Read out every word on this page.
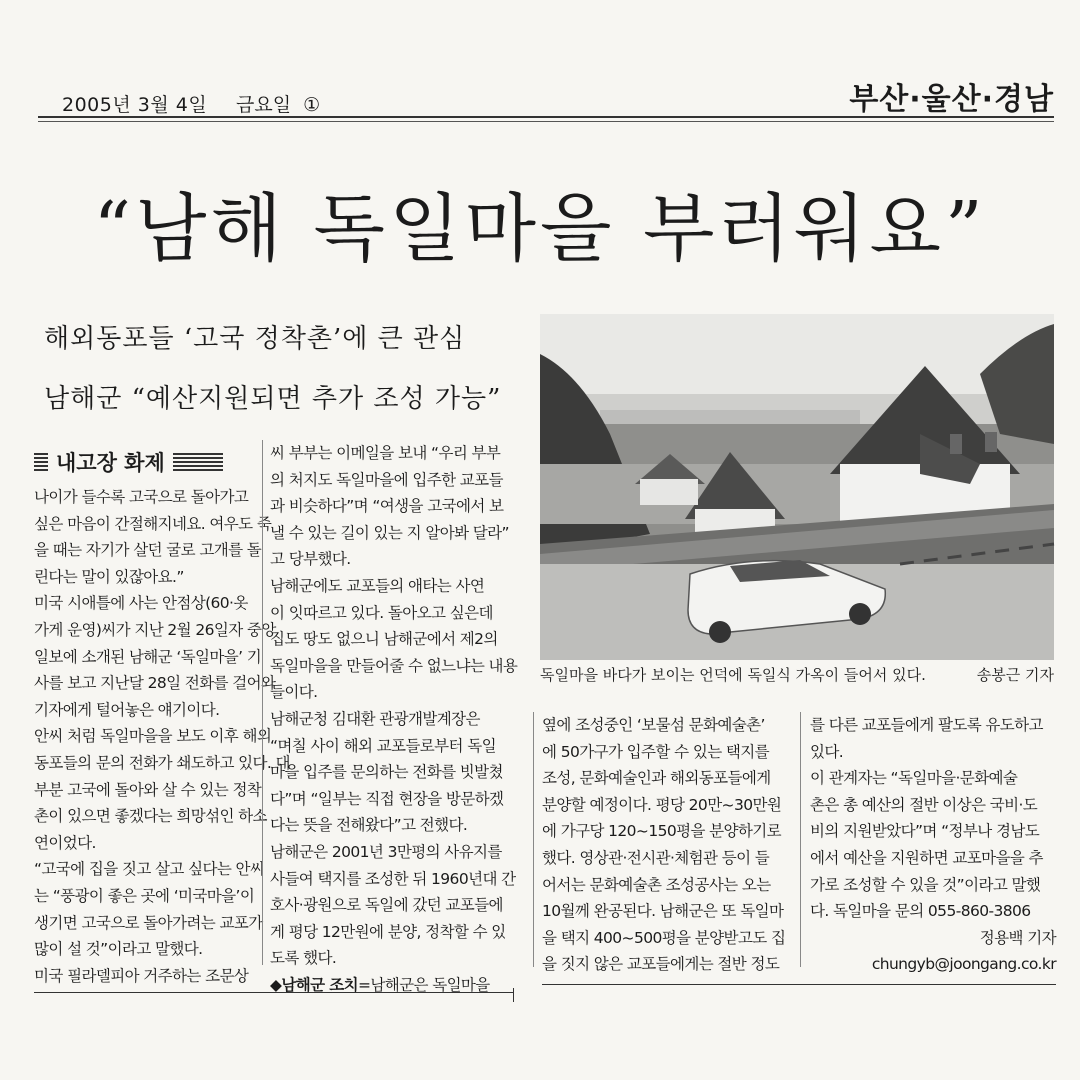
2005년 3월 4일 금요일  ①	부산·울산·경남
“남해 독일마을 부러워요”
해외동포들 ‘고국 정착촌’에 큰 관심
남해군 “예산지원되면 추가 조성 가능”
내고장 화제

나이가 들수록 고국으로 돌아가고

싶은 마음이 간절해지네요. 여우도 죽

을 때는 자기가 살던 굴로 고개를 돌

린다는 말이 있잖아요.”

미국 시애틀에 사는 안점상(60·옷

가게 운영)씨가 지난 2월 26일자 중앙

일보에 소개된 남해군 ‘독일마을’ 기

사를 보고 지난달 28일 전화를 걸어와

기자에게 털어놓은 얘기이다.

안씨 처럼 독일마을을 보도 이후 해외

동포들의 문의 전화가 쇄도하고 있다. 대

부분 고국에 돌아와 살 수 있는 정착

촌이 있으면 좋겠다는 희망섞인 하소

연이었다.

“고국에 집을 짓고 살고 싶다는 안씨

는 “풍광이 좋은 곳에 ‘미국마을’이

생기면 고국으로 돌아가려는 교포가

많이 설 것”이라고 말했다.

미국 필라델피아 거주하는 조문상

씨 부부는 이메일을 보내 “우리 부부

의 처지도 독일마을에 입주한 교포들

과 비슷하다”며 “여생을 고국에서 보

낼 수 있는 길이 있는 지 알아봐 달라”

고 당부했다.

남해군에도 교포들의 애타는 사연

이 잇따르고 있다. 돌아오고 싶은데

집도 땅도 없으니 남해군에서 제2의

독일마을을 만들어줄 수 없느냐는 내용

들이다.

남해군청 김대환 관광개발계장은

“며칠 사이 해외 교포들로부터 독일

마을 입주를 문의하는 전화를 빗발쳤

다”며 “일부는 직접 현장을 방문하겠

다는 뜻을 전해왔다”고 전했다.

남해군은 2001년 3만평의 사유지를

사들여 택지를 조성한 뒤 1960년대 간

호사·광원으로 독일에 갔던 교포들에

게 평당 12만원에 분양, 정착할 수 있

도록 했다.

◆남해군 조치=남해군은 독일마을

독일마을 바다가 보이는 언덕에 독일식 가옥이 들어서 있다.	송봉근 기자

옆에 조성중인 ‘보물섬 문화예술촌’

에 50가구가 입주할 수 있는 택지를

조성, 문화예술인과 해외동포들에게

분양할 예정이다. 평당 20만~30만원

에 가구당 120~150평을 분양하기로

했다. 영상관·전시관·체험관 등이 들

어서는 문화예술촌 조성공사는 오는

10월께 완공된다. 남해군은 또 독일마

을 택지 400~500평을 분양받고도 집

을 짓지 않은 교포들에게는 절반 정도

를 다른 교포들에게 팔도록 유도하고

있다.

이 관계자는 “독일마을·문화예술

촌은 총 예산의 절반 이상은 국비·도

비의 지원받았다”며 “정부나 경남도

에서 예산을 지원하면 교포마을을 추

가로 조성할 수 있을 것”이라고 말했

다. 독일마을 문의 055-860-3806

정용백 기자

chungyb@joongang.co.kr
